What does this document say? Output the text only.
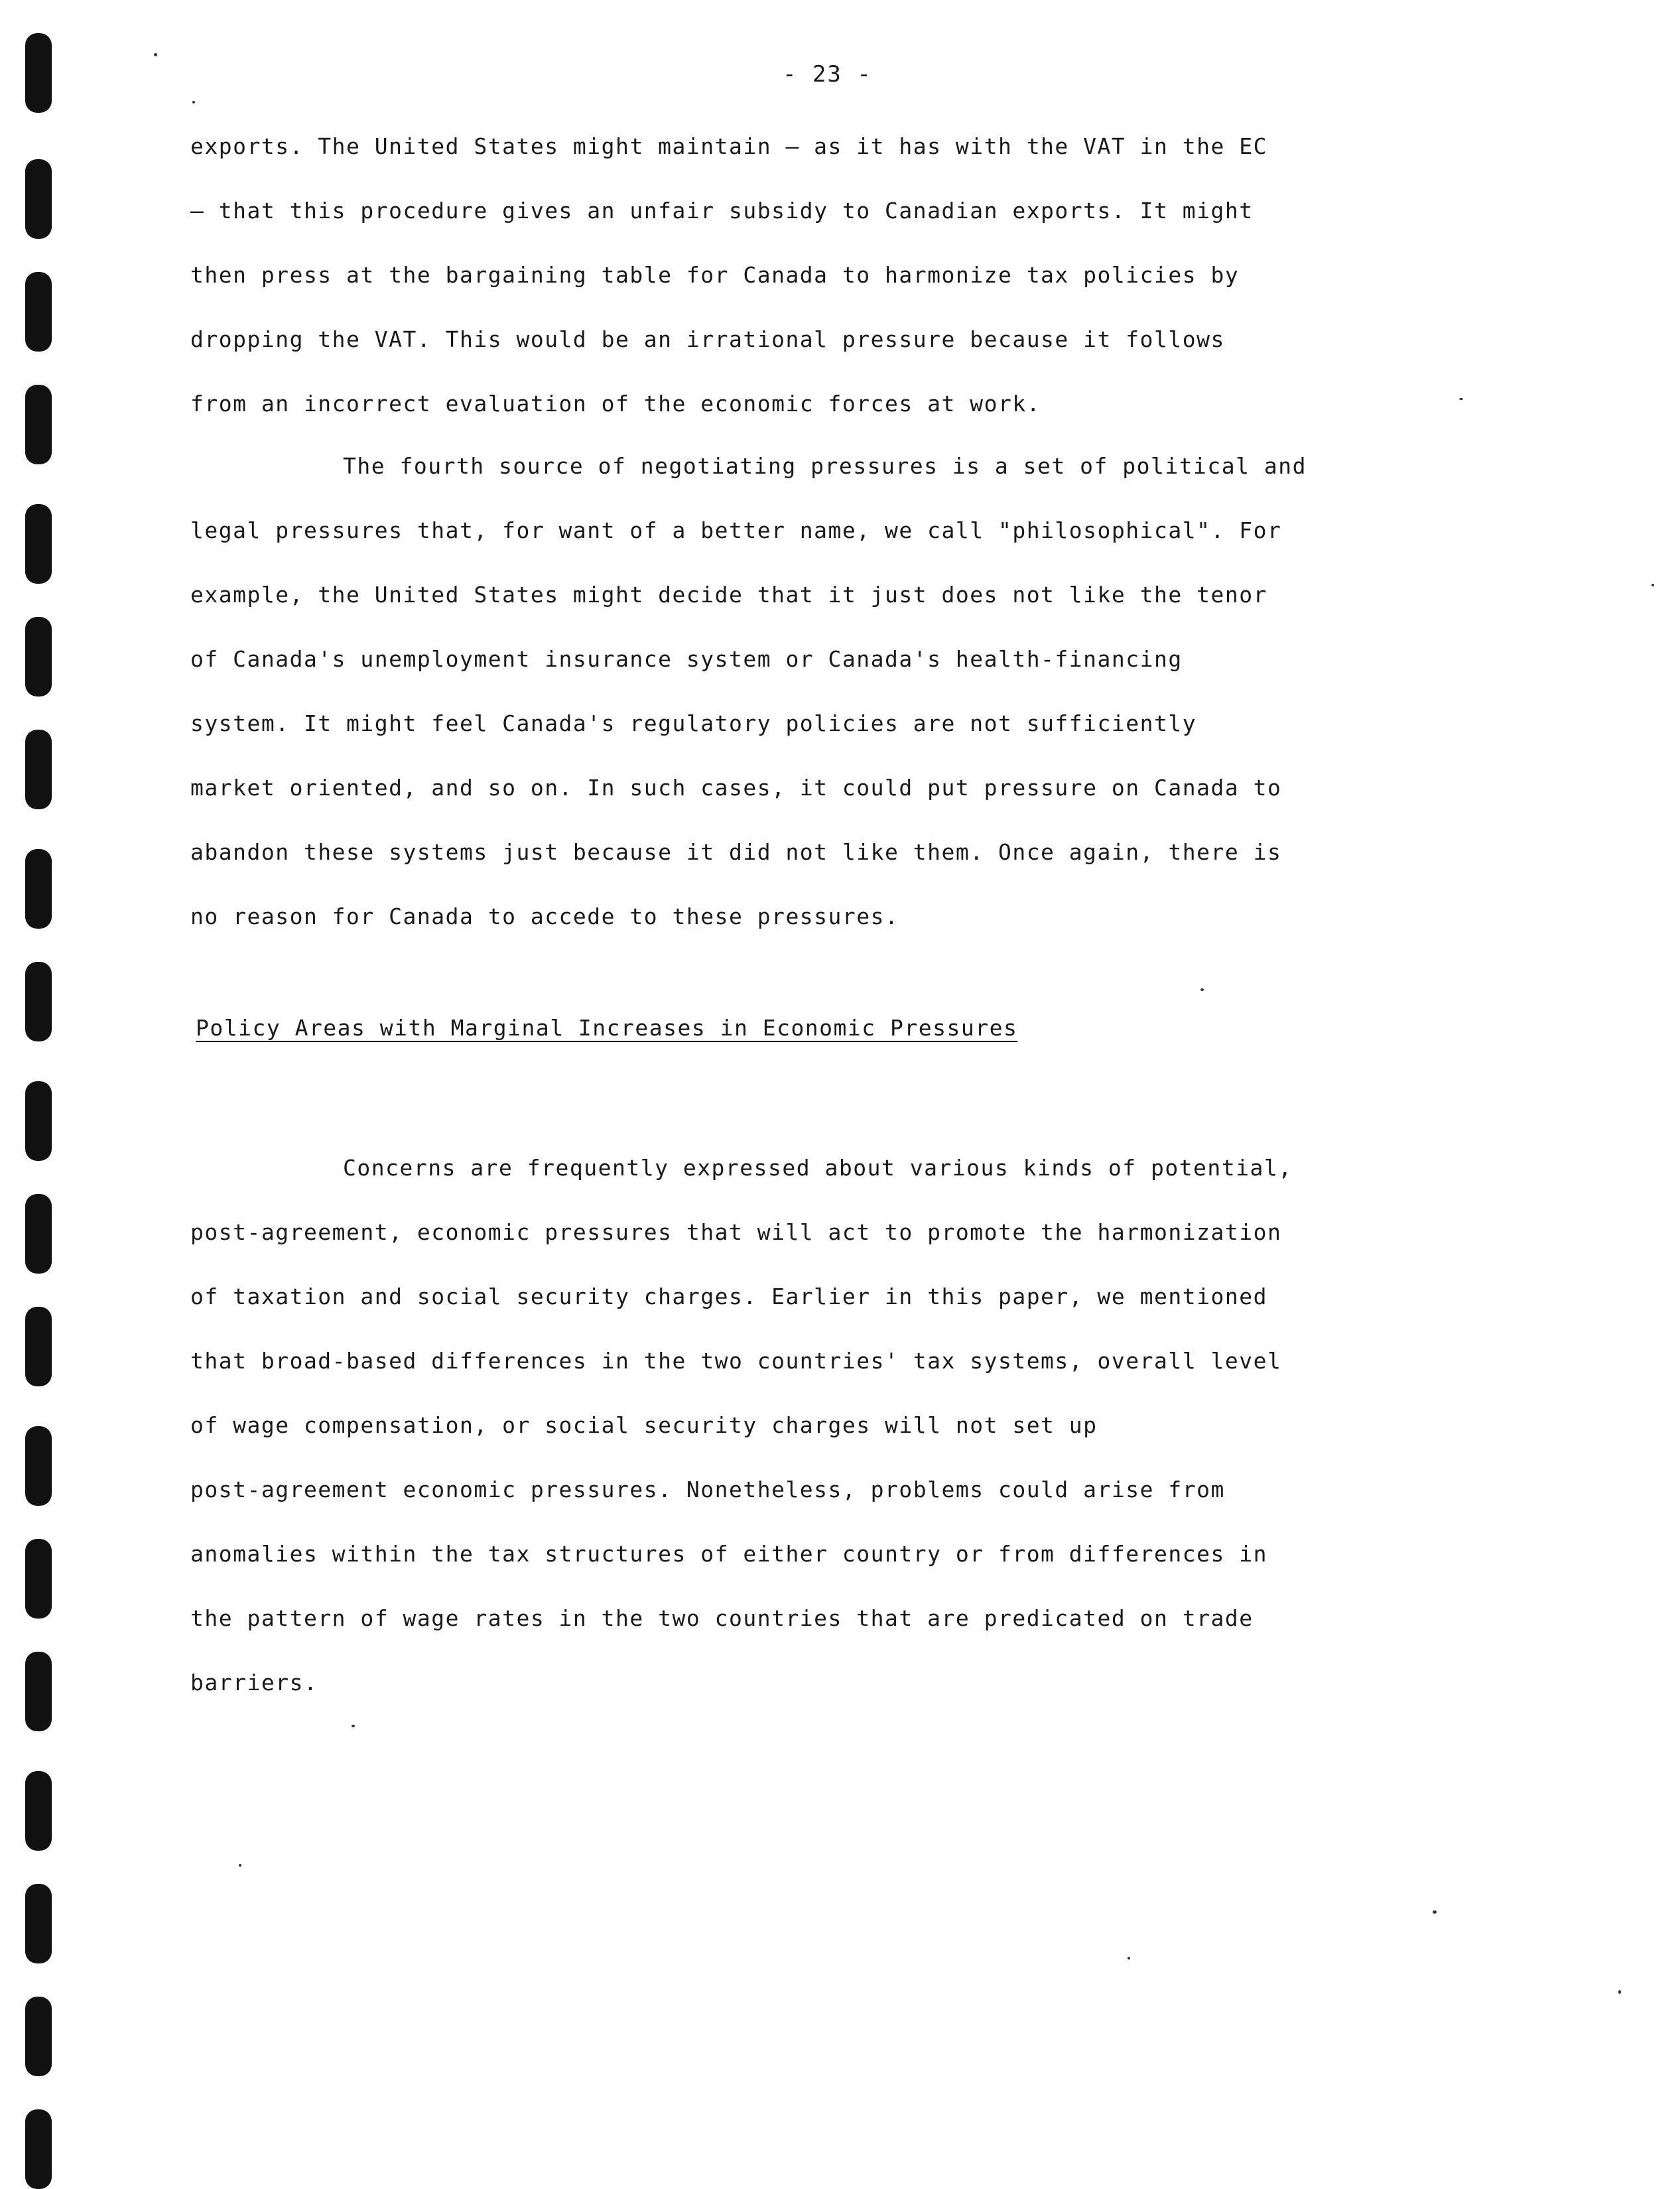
- 23 -
exports. The United States might maintain — as it has with the VAT in the EC
— that this procedure gives an unfair subsidy to Canadian exports. It might
then press at the bargaining table for Canada to harmonize tax policies by
dropping the VAT. This would be an irrational pressure because it follows
from an incorrect evaluation of the economic forces at work.
The fourth source of negotiating pressures is a set of political and
legal pressures that, for want of a better name, we call "philosophical". For
example, the United States might decide that it just does not like the tenor
of Canada's unemployment insurance system or Canada's health-financing
system. It might feel Canada's regulatory policies are not sufficiently
market oriented, and so on. In such cases, it could put pressure on Canada to
abandon these systems just because it did not like them. Once again, there is
no reason for Canada to accede to these pressures.
Policy Areas with Marginal Increases in Economic Pressures
Concerns are frequently expressed about various kinds of potential,
post-agreement, economic pressures that will act to promote the harmonization
of taxation and social security charges. Earlier in this paper, we mentioned
that broad-based differences in the two countries' tax systems, overall level
of wage compensation, or social security charges will not set up
post-agreement economic pressures. Nonetheless, problems could arise from
anomalies within the tax structures of either country or from differences in
the pattern of wage rates in the two countries that are predicated on trade
barriers.
